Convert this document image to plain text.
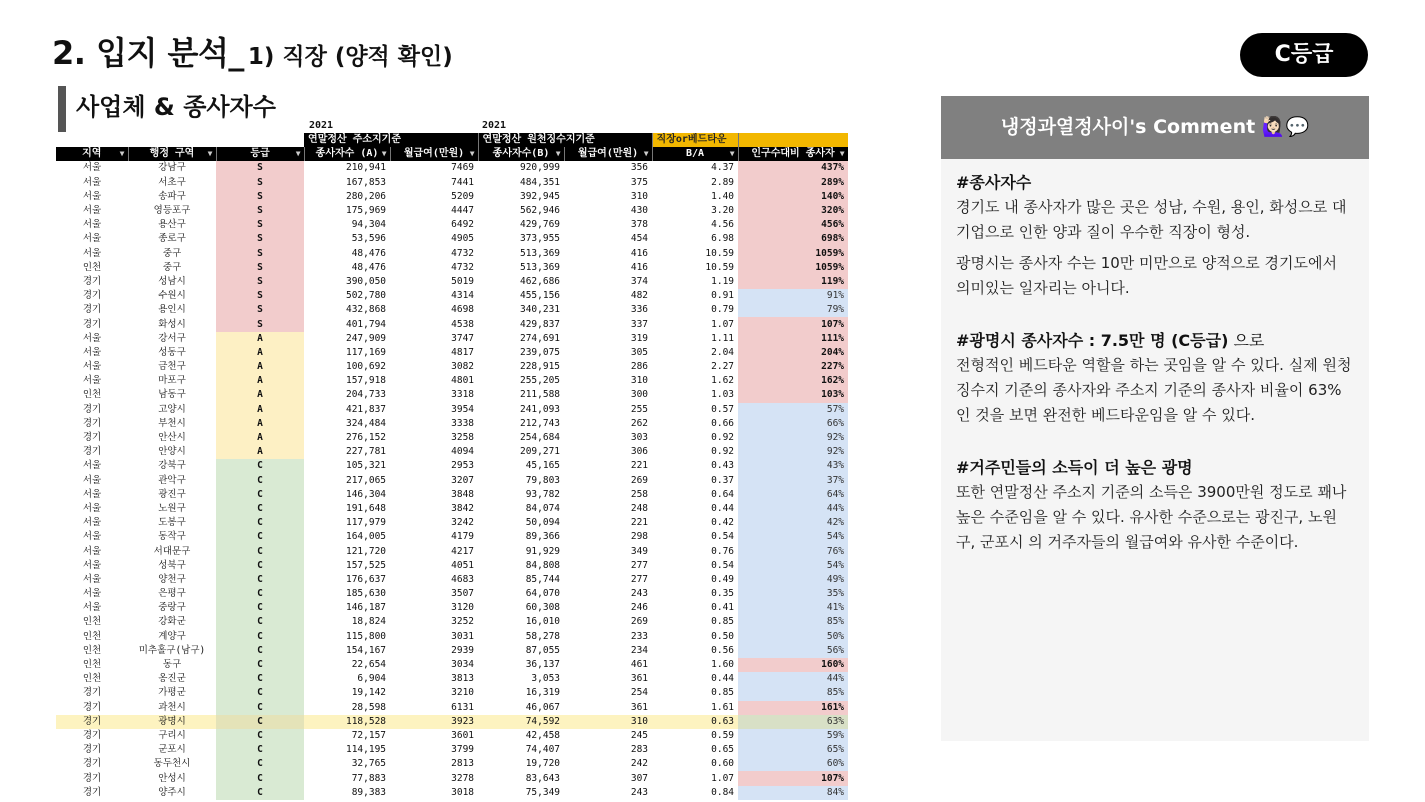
2. 입지 분석_ 1) 직장 (양적 확인)	C등급
사업체 & 종사자수
2021	2021
			연말정산 주소지기준		연말정산 원천징수지기준		직장or베드타운	
지역 ▼	행정 구역 ▼	등급 ▼	종사자수 (A) ▼	월급여(만원) ▼	종사자수(B) ▼	월급여(만원) ▼	B/A ▼	인구수대비 종사자 ▼

서울	강남구	S	210,941	7469	920,999	356	4.37	437%
서울	서초구	S	167,853	7441	484,351	375	2.89	289%
서울	송파구	S	280,206	5209	392,945	310	1.40	140%
서울	영등포구	S	175,969	4447	562,946	430	3.20	320%
서울	용산구	S	94,304	6492	429,769	378	4.56	456%
서울	종로구	S	53,596	4905	373,955	454	6.98	698%
서울	중구	S	48,476	4732	513,369	416	10.59	1059%
인천	중구	S	48,476	4732	513,369	416	10.59	1059%
경기	성남시	S	390,050	5019	462,686	374	1.19	119%
경기	수원시	S	502,780	4314	455,156	482	0.91	91%
경기	용인시	S	432,868	4698	340,231	336	0.79	79%
경기	화성시	S	401,794	4538	429,837	337	1.07	107%
서울	강서구	A	247,909	3747	274,691	319	1.11	111%
서울	성동구	A	117,169	4817	239,075	305	2.04	204%
서울	금천구	A	100,692	3082	228,915	286	2.27	227%
서울	마포구	A	157,918	4801	255,205	310	1.62	162%
인천	남동구	A	204,733	3318	211,588	300	1.03	103%
경기	고양시	A	421,837	3954	241,093	255	0.57	57%
경기	부천시	A	324,484	3338	212,743	262	0.66	66%
경기	안산시	A	276,152	3258	254,684	303	0.92	92%
경기	안양시	A	227,781	4094	209,271	306	0.92	92%
서울	강북구	C	105,321	2953	45,165	221	0.43	43%
서울	관악구	C	217,065	3207	79,803	269	0.37	37%
서울	광진구	C	146,304	3848	93,782	258	0.64	64%
서울	노원구	C	191,648	3842	84,074	248	0.44	44%
서울	도봉구	C	117,979	3242	50,094	221	0.42	42%
서울	동작구	C	164,005	4179	89,366	298	0.54	54%
서울	서대문구	C	121,720	4217	91,929	349	0.76	76%
서울	성북구	C	157,525	4051	84,808	277	0.54	54%
서울	양천구	C	176,637	4683	85,744	277	0.49	49%
서울	은평구	C	185,630	3507	64,070	243	0.35	35%
서울	중랑구	C	146,187	3120	60,308	246	0.41	41%
인천	강화군	C	18,824	3252	16,010	269	0.85	85%
인천	계양구	C	115,800	3031	58,278	233	0.50	50%
인천	미추홀구(남구)	C	154,167	2939	87,055	234	0.56	56%
인천	동구	C	22,654	3034	36,137	461	1.60	160%
인천	옹진군	C	6,904	3813	3,053	361	0.44	44%
경기	가평군	C	19,142	3210	16,319	254	0.85	85%
경기	과천시	C	28,598	6131	46,067	361	1.61	161%
경기	광명시	C	118,528	3923	74,592	310	0.63	63%
경기	구리시	C	72,157	3601	42,458	245	0.59	59%
경기	군포시	C	114,195	3799	74,407	283	0.65	65%
경기	동두천시	C	32,765	2813	19,720	242	0.60	60%
경기	안성시	C	77,883	3278	83,643	307	1.07	107%
경기	양주시	C	89,383	3018	75,349	243	0.84	84%
냉정과열정사이's Comment 🙋🏻‍♀️💬

#종사자수

경기도 내 종사자가 많은 곳은 성남, 수원, 용인, 화성으로 대기업으로 인한 양과 질이 우수한 직장이 형성.

광명시는 종사자 수는 10만 미만으로 양적으로 경기도에서 의미있는 일자리는 아니다.

#광명시 종사자수 : 7.5만 명 (C등급) 으로

전형적인 베드타운 역할을 하는 곳임을 알 수 있다. 실제 원청징수지 기준의 종사자와 주소지 기준의 종사자 비율이 63%인 것을 보면 완전한 베드타운임을 알 수 있다.

#거주민들의 소득이 더 높은 광명

또한 연말정산 주소지 기준의 소득은 3900만원 정도로 꽤나 높은 수준임을 알 수 있다. 유사한 수준으로는 광진구, 노원구, 군포시 의 거주자들의 월급여와 유사한 수준이다.
